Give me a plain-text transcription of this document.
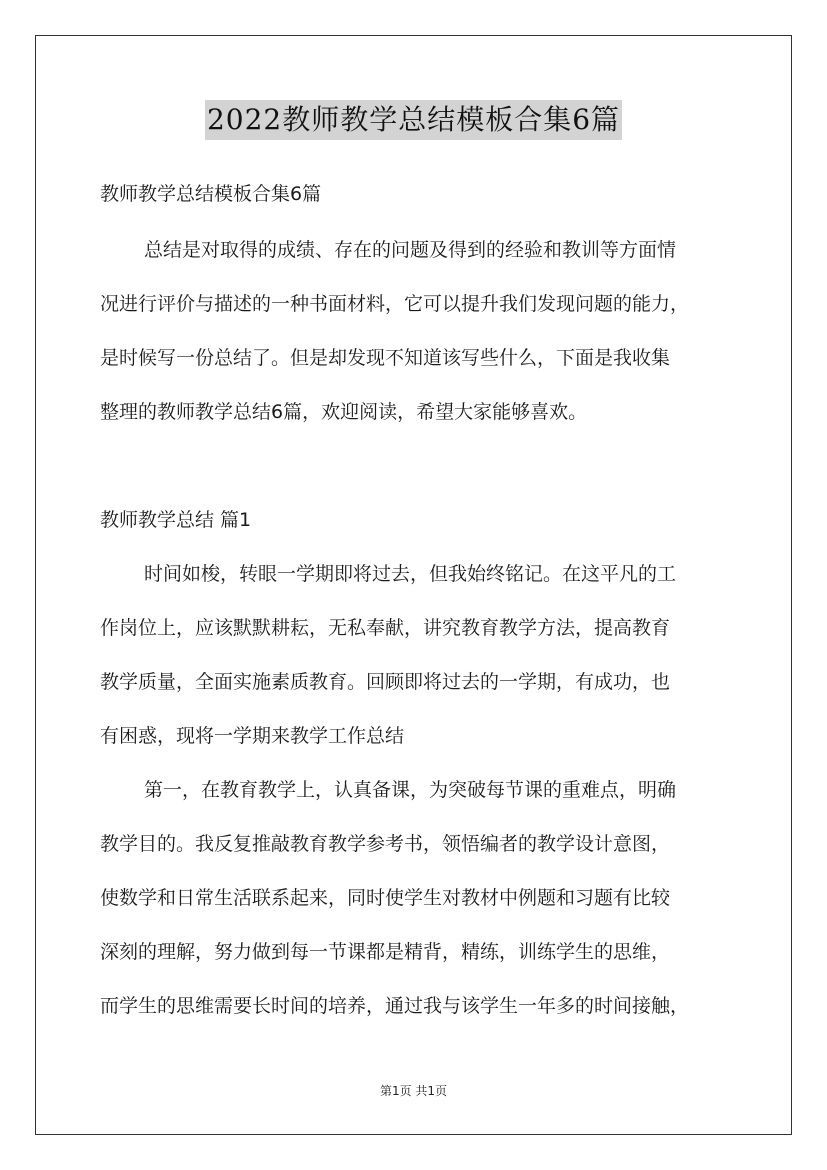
2022教师教学总结模板合集6篇
教师教学总结模板合集6篇
总结是对取得的成绩、存在的问题及得到的经验和教训等方面情
况进行评价与描述的一种书面材料，它可以提升我们发现问题的能力，
是时候写一份总结了。但是却发现不知道该写些什么，下面是我收集
整理的教师教学总结6篇，欢迎阅读，希望大家能够喜欢。
教师教学总结 篇1
时间如梭，转眼一学期即将过去，但我始终铭记。在这平凡的工
作岗位上，应该默默耕耘，无私奉献，讲究教育教学方法，提高教育
教学质量，全面实施素质教育。回顾即将过去的一学期，有成功，也
有困惑，现将一学期来教学工作总结
第一，在教育教学上，认真备课，为突破每节课的重难点，明确
教学目的。我反复推敲教育教学参考书，领悟编者的教学设计意图，
使数学和日常生活联系起来，同时使学生对教材中例题和习题有比较
深刻的理解，努力做到每一节课都是精背，精练，训练学生的思维，
而学生的思维需要长时间的培养，通过我与该学生一年多的时间接触，
第1页 共1页
